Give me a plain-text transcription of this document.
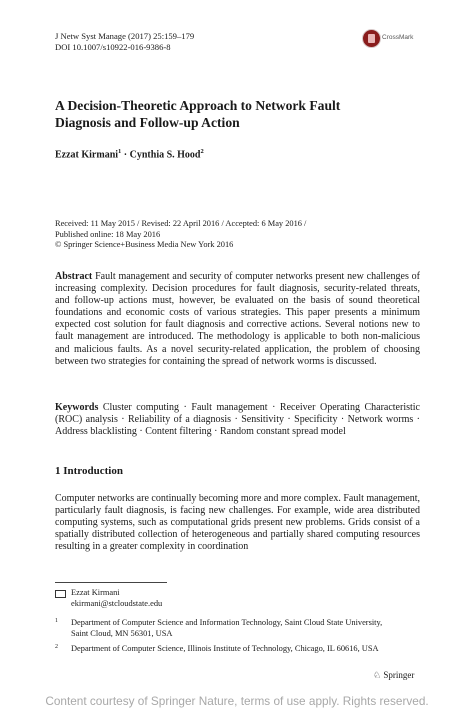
J Netw Syst Manage (2017) 25:159–179
DOI 10.1007/s10922-016-9386-8
CrossMark
A Decision-Theoretic Approach to Network Fault
Diagnosis and Follow-up Action
Ezzat Kirmani$^1$ · Cynthia S. Hood$^2$
Received: 11 May 2015 / Revised: 22 April 2016 / Accepted: 6 May 2016 /
Published online: 18 May 2016
© Springer Science+Business Media New York 2016
Abstract Fault management and security of computer networks present new challenges of increasing complexity. Decision procedures for fault diagnosis, security-related threats, and follow-up actions must, however, be evaluated on the basis of sound theoretical foundations and economic costs of various strategies. This paper presents a minimum expected cost solution for fault diagnosis and corrective actions. Several notions new to fault management are introduced. The methodology is applicable to both non-malicious and malicious faults. As a novel security-related application, the problem of choosing between two strategies for containing the spread of network worms is discussed.
Keywords Cluster computing · Fault management · Receiver Operating Characteristic (ROC) analysis · Reliability of a diagnosis · Sensitivity · Specificity · Network worms · Address blacklisting · Content filtering · Random constant spread model
1 Introduction
Computer networks are continually becoming more and more complex. Fault management, particularly fault diagnosis, is facing new challenges. For example, wide area distributed computing systems, such as computational grids present new problems. Grids consist of a spatially distributed collection of heterogeneous and partially shared computing resources resulting in a greater complexity in coordination
Ezzat Kirmani
ekirmani@stcloudstate.edu
1 Department of Computer Science and Information Technology, Saint Cloud State University,
Saint Cloud, MN 56301, USA
2 Department of Computer Science, Illinois Institute of Technology, Chicago, IL 60616, USA
♘ Springer
Content courtesy of Springer Nature, terms of use apply. Rights reserved.
